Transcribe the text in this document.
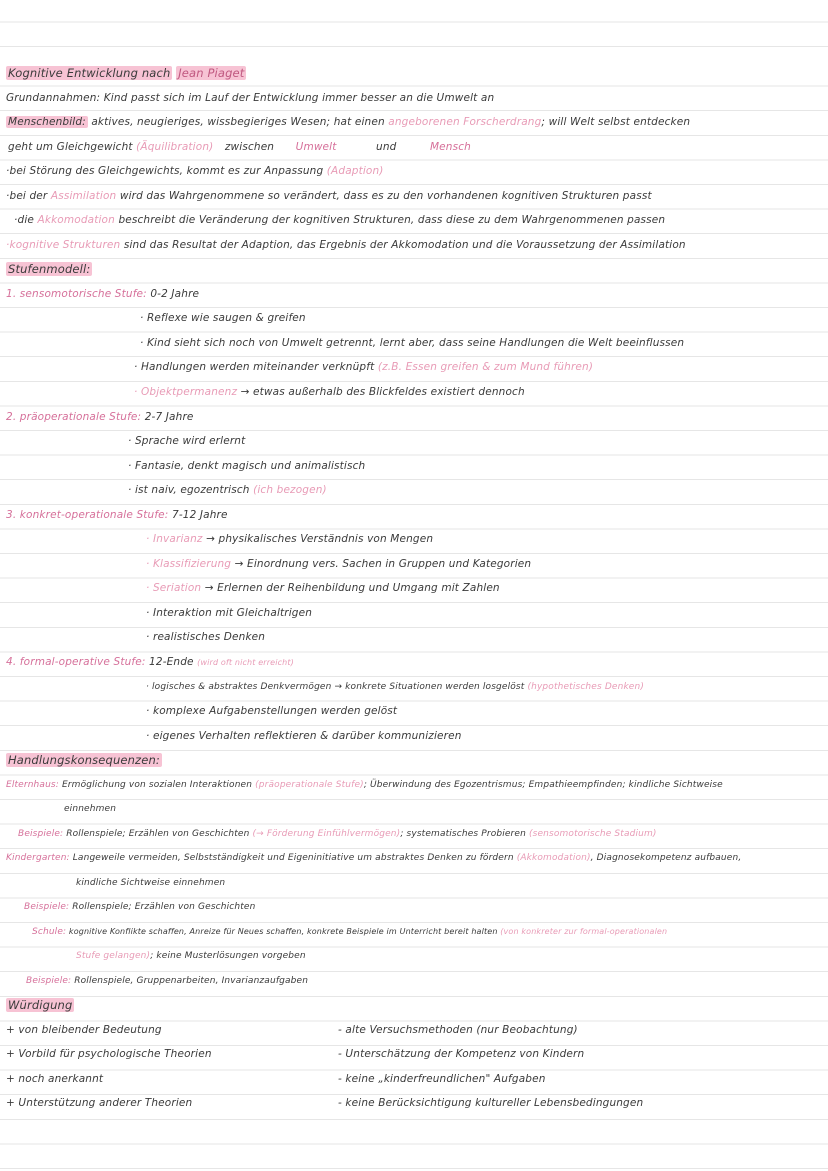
Kognitive Entwicklung nach Jean Piaget
Grundannahmen: Kind passt sich im Lauf der Entwicklung immer besser an die Umwelt an
Menschenbild: aktives, neugieriges, wissbegieriges Wesen; hat einen angeborenen Forscherdrang; will Welt selbst entdecken
geht um Gleichgewicht (Äquilibration) zwischen Umwelt	und	Mensch
·bei Störung des Gleichgewichts, kommt es zur Anpassung (Adaption)
·bei der Assimilation wird das Wahrgenommene so verändert, dass es zu den vorhandenen kognitiven Strukturen passt
·die Akkomodation beschreibt die Veränderung der kognitiven Strukturen, dass diese zu dem Wahrgenommenen passen
·kognitive Strukturen sind das Resultat der Adaption, das Ergebnis der Akkomodation und die Voraussetzung der Assimilation
Stufenmodell:
1. sensomotorische Stufe: 0-2 Jahre
· Reflexe wie saugen & greifen
· Kind sieht sich noch von Umwelt getrennt, lernt aber, dass seine Handlungen die Welt beeinflussen
· Handlungen werden miteinander verknüpft (z.B. Essen greifen & zum Mund führen)
· Objektpermanenz → etwas außerhalb des Blickfeldes existiert dennoch
2. präoperationale Stufe: 2-7 Jahre
· Sprache wird erlernt
· Fantasie, denkt magisch und animalistisch
· ist naiv, egozentrisch (ich bezogen)
3. konkret-operationale Stufe: 7-12 Jahre
· Invarianz → physikalisches Verständnis von Mengen
· Klassifizierung → Einordnung vers. Sachen in Gruppen und Kategorien
· Seriation → Erlernen der Reihenbildung und Umgang mit Zahlen
· Interaktion mit Gleichaltrigen
· realistisches Denken
4. formal-operative Stufe: 12-Ende (wird oft nicht erreicht)
· logisches & abstraktes Denkvermögen → konkrete Situationen werden losgelöst (hypothetisches Denken)
· komplexe Aufgabenstellungen werden gelöst
· eigenes Verhalten reflektieren & darüber kommunizieren
Handlungskonsequenzen:
Elternhaus: Ermöglichung von sozialen Interaktionen (präoperationale Stufe); Überwindung des Egozentrismus; Empathieempfinden; kindliche Sichtweise
einnehmen
Beispiele: Rollenspiele; Erzählen von Geschichten (→ Förderung Einfühlvermögen); systematisches Probieren (sensomotorische Stadium)
Kindergarten: Langeweile vermeiden, Selbstständigkeit und Eigeninitiative um abstraktes Denken zu fördern (Akkomodation), Diagnosekompetenz aufbauen,
kindliche Sichtweise einnehmen
Beispiele: Rollenspiele; Erzählen von Geschichten
Schule: kognitive Konflikte schaffen, Anreize für Neues schaffen, konkrete Beispiele im Unterricht bereit halten (von konkreter zur formal-operationalen
Stufe gelangen); keine Musterlösungen vorgeben
Beispiele: Rollenspiele, Gruppenarbeiten, Invarianzaufgaben
Würdigung
+ von bleibender Bedeutung
+ Vorbild für psychologische Theorien
+ noch anerkannt
+ Unterstützung anderer Theorien
- alte Versuchsmethoden (nur Beobachtung)
- Unterschätzung der Kompetenz von Kindern
- keine „kinderfreundlichen" Aufgaben
- keine Berücksichtigung kultureller Lebensbedingungen
